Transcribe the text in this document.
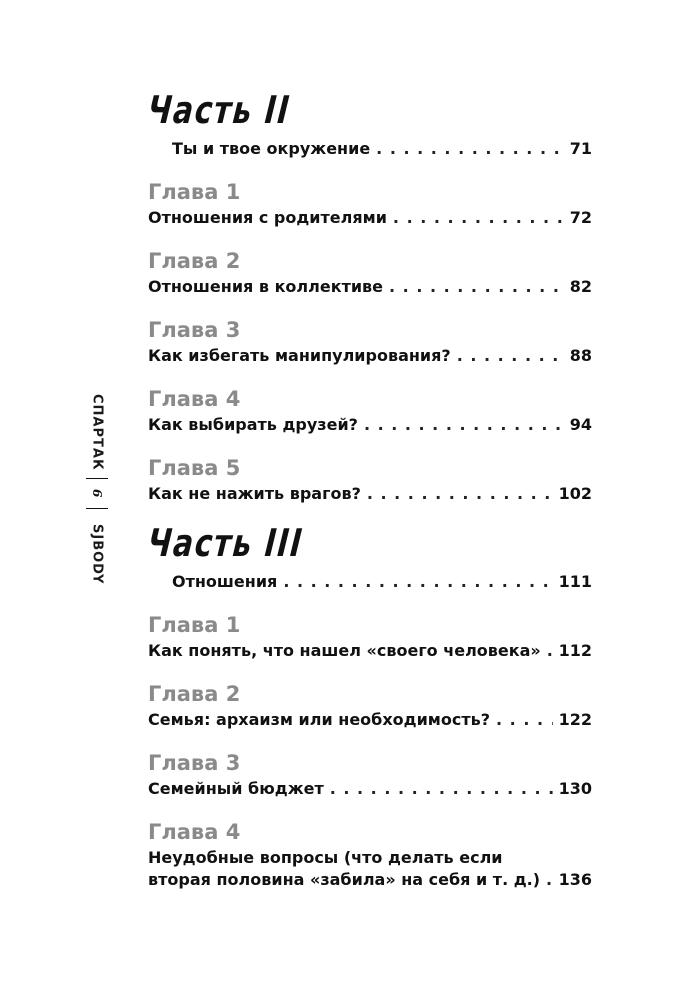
СПАРТАК
6
SJBODY
Часть II
Ты и твое окружение . . .	71
Глава 1
Отношения с родителями . . .	72
Глава 2
Отношения в коллективе . . .	82
Глава 3
Как избегать манипулирования? . . .	88
Глава 4
Как выбирать друзей? . . .	94
Глава 5
Как не нажить врагов? . . .	102
Часть III
Отношения . . .	111
Глава 1
Как понять, что нашел «своего человека» . . . 112
Глава 2
Семья: архаизм или необходимость? . . .	122
Глава 3
Семейный бюджет . . .	130
Глава 4
Неудобные вопросы (что делать если
вторая половина «забила» на себя и т. д.) . . . 136
